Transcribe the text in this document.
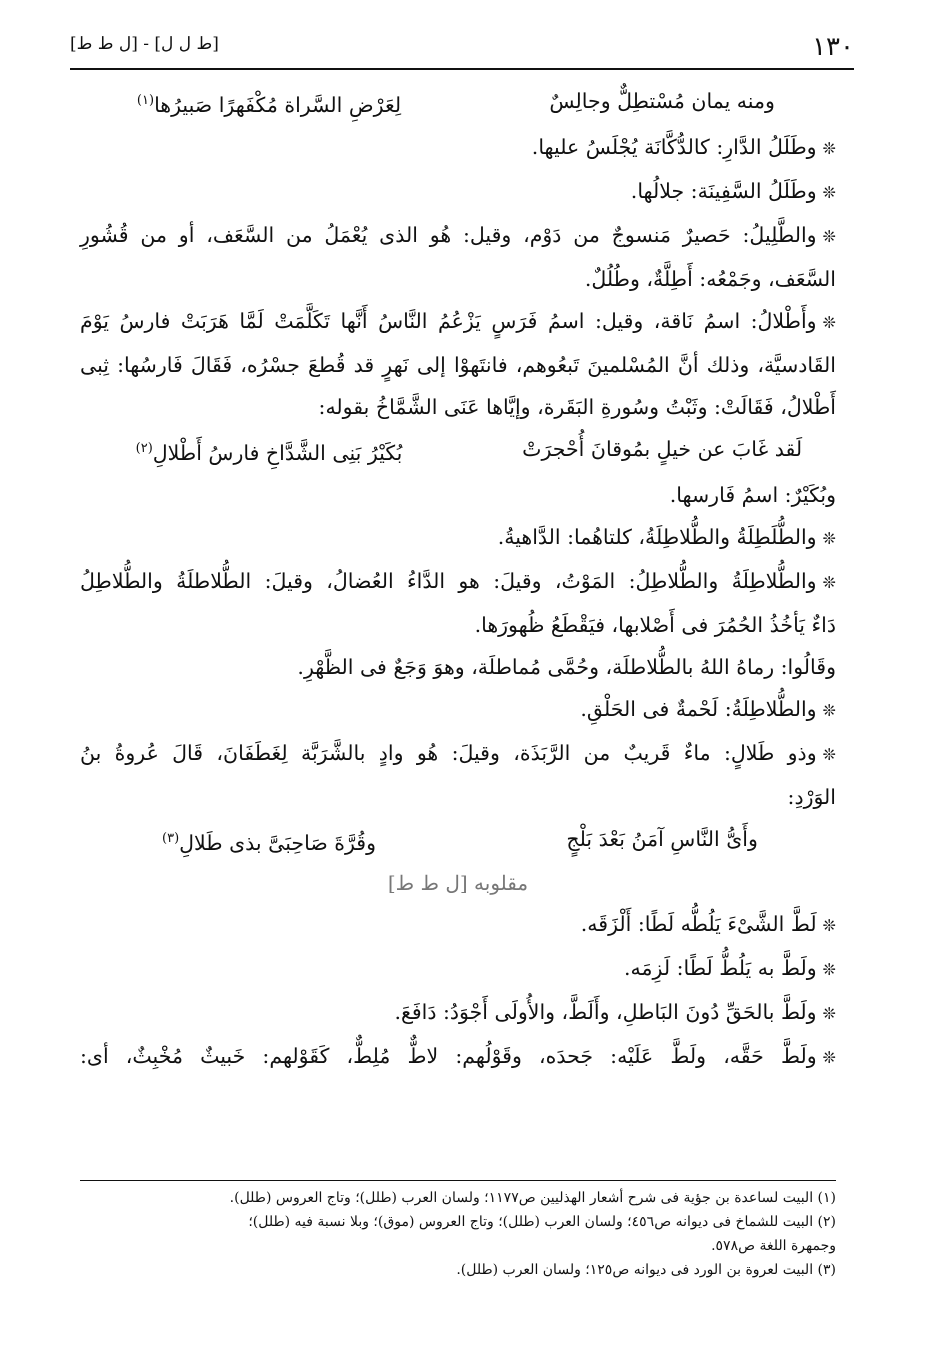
١٣٠
[ط ل ل] - [ل ط ط]
ومنه يمان مُسْتطِلٌّ وجالِسٌ
لِعَرْضِ السَّراة مُكْفَهرًا صَبيرُها$^{(١)}$
❊وطَلَلُ الدَّارِ: كالدُّكَّانَة يُجْلَسُ عليها.
❊وطَلَلُ السَّفِينَة: جلالُها.
❊والطَّلِيلُ: حَصيرٌ مَنسوجٌ من دَوْم، وقيل: هُو الذى يُعْمَلُ من السَّعَف، أو من قُشُورِ
السَّعَف، وجَمْعُه: أَطِلَّةٌ، وطُلُلٌ.
❊وأَطْلالُ: اسمُ نَاقة، وقيل: اسمُ فَرَسٍ يَزْعُمُ النَّاسُ أَنَّها تَكَلَّمَتْ لَمَّا هَرَبَتْ فارسُ يَوْمَ
القَادسيَّة، وذلك أنَّ المُسْلمينَ تَبعُوهم، فانتَهوْا إلى نَهرٍ قد قُطعَ جسْرُه، فَقَالَ فَارسُها: ثِبى
أَطْلالُ، فَقَالَتْ: وثَبْتُ وسُورةِ البَقَرة، وإيَّاها عَنَى الشَّمَّاخُ بقوله:
لَقد غَابَ عن خيلٍ بمُوقانَ أُحْجرَتْ
بُكَيْرُ بَنِى الشَّدَّاخِ فارسُ أَطْلالِ$^{(٢)}$
وبُكَيْرٌ: اسمُ فَارسها.
❊والطُّلَطِلَةُ والطُّلاطِلَةُ، كلتاهُما: الدَّاهيةُ.
❊والطُّلاطِلَةُ والطُّلاطِلُ: المَوْتُ، وقيلَ: هو الدَّاءُ العُضالُ، وقيلَ: الطُّلاطلَةُ والطُّلاطِلُ
دَاءٌ يَأخُذُ الحُمُرَ فى أَصْلابها، فيَقْطَعُ ظُهورَها.
وقَالُوا: رماهُ اللهُ بالطُّلاطلَة، وحُمَّى مُماطلَة، وهوَ وَجَعٌ فى الظَّهْرِ.
❊والطُّلاطِلَةُ: لَحْمةٌ فى الحَلْقِ.
❊وذو طَلالٍ: ماءٌ قَريبٌ من الرَّبَذَة، وقيلَ: هُو وادٍ بالشَّرَبَّة لِغَطَفَانَ، قَالَ عُروةُ بنُ
الوَرْدِ:
وأَىُّ النَّاسِ آمَنُ بَعْدَ بَلْجٍ
وقُرَّةَ صَاحِبَىَّ بذى طَلالِ$^{(٣)}$
مقلوبه [ل ط ط]
❊لَطَّ الشَّىْءَ يَلُطُّه لَطًا: أَلْزَقَه.
❊ولَطَّ به يَلُطُّ لَطًا: لَزِمَه.
❊ولَطَّ بالحَقِّ دُونَ البَاطلِ، وأَلَطَّ، والأُولَى أَجْوَدُ: دَافَعَ.
❊ولَطَّ حَقَّه، ولَطَّ عَلَيْه: جَحدَه، وقَوْلُهم: لاطٌّ مُلِطٌّ، كَقَوْلهم: خَبيثٌ مُخْبِثٌ، أى:
(١) البيت لساعدة بن جؤية فى شرح أشعار الهذليين ص١١٧٧؛ ولسان العرب (طلل)؛ وتاج العروس (طلل).
(٢) البيت للشماخ فى ديوانه ص٤٥٦؛ ولسان العرب (طلل)؛ وتاج العروس (موق)؛ وبلا نسبة فيه (طلل)؛
وجمهرة اللغة ص٥٧٨.
(٣) البيت لعروة بن الورد فى ديوانه ص١٢٥؛ ولسان العرب (طلل).
